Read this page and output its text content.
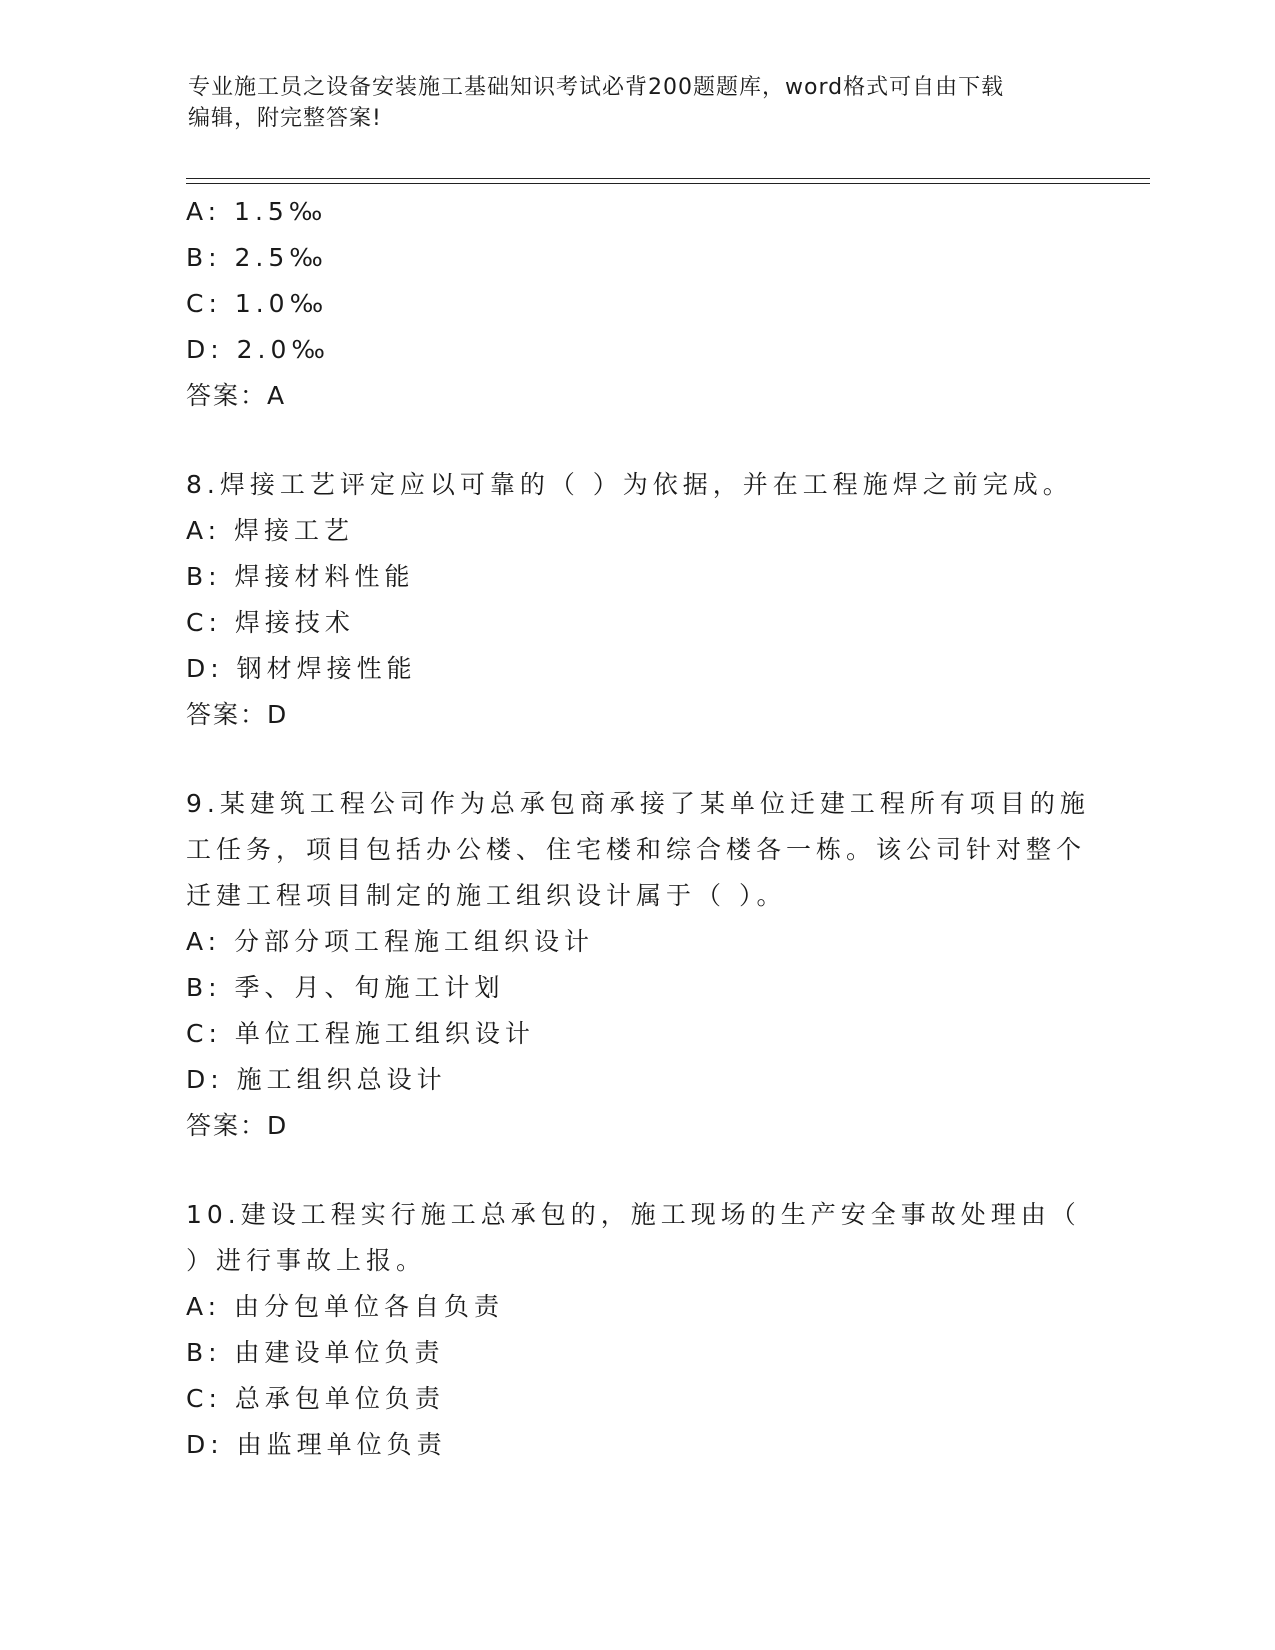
专业施工员之设备安装施工基础知识考试必背200题题库，word格式可自由下载
编辑，附完整答案!
A: 1.5‰
B: 2.5‰
C: 1.0‰
D: 2.0‰
答案：A
8.焊接工艺评定应以可靠的（ ）为依据，并在工程施焊之前完成。
A: 焊接工艺
B: 焊接材料性能
C: 焊接技术
D: 钢材焊接性能
答案：D
9.某建筑工程公司作为总承包商承接了某单位迁建工程所有项目的施
工任务，项目包括办公楼、住宅楼和综合楼各一栋。该公司针对整个
迁建工程项目制定的施工组织设计属于（ ）。
A: 分部分项工程施工组织设计
B: 季、月、旬施工计划
C: 单位工程施工组织设计
D: 施工组织总设计
答案：D
10.建设工程实行施工总承包的，施工现场的生产安全事故处理由（
）进行事故上报。
A: 由分包单位各自负责
B: 由建设单位负责
C: 总承包单位负责
D: 由监理单位负责
